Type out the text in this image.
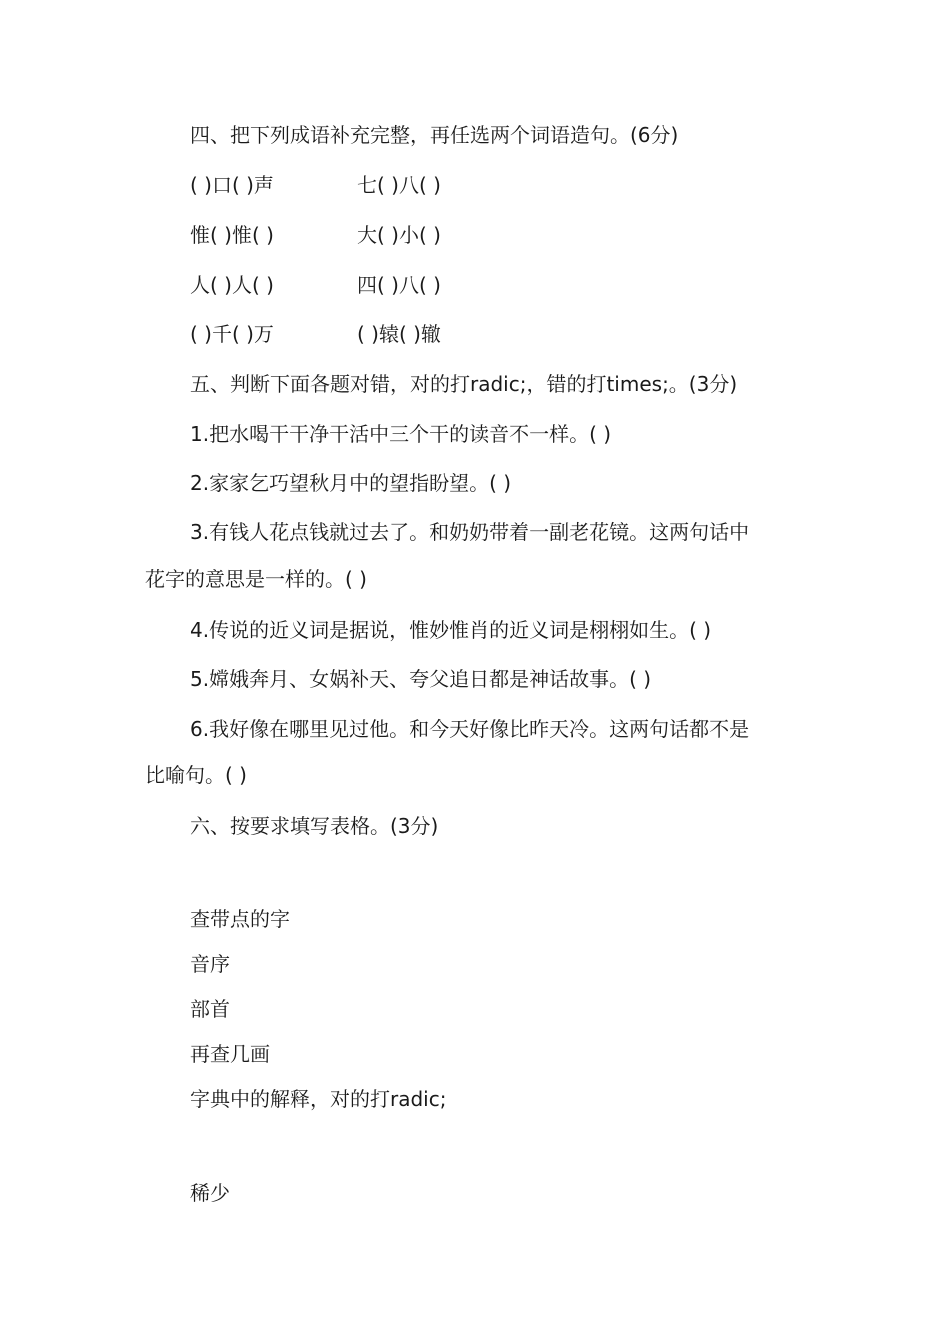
四、把下列成语补充完整，再任选两个词语造句。(6分)

( )口( )声	七( )八( )

惟( )惟( )	大( )小( )

人( )人( )	四( )八( )

( )千( )万	( )辕( )辙

五、判断下面各题对错，对的打radic;，错的打times;。(3分)

1.把水喝干干净干活中三个干的读音不一样。( )

2.家家乞巧望秋月中的望指盼望。( )

3.有钱人花点钱就过去了。和奶奶带着一副老花镜。这两句话中

花字的意思是一样的。( )

4.传说的近义词是据说，惟妙惟肖的近义词是栩栩如生。( )

5.嫦娥奔月、女娲补天、夸父追日都是神话故事。( )

6.我好像在哪里见过他。和今天好像比昨天冷。这两句话都不是

比喻句。( )

六、按要求填写表格。(3分)

查带点的字

音序

部首

再查几画

字典中的解释，对的打radic;

稀少
